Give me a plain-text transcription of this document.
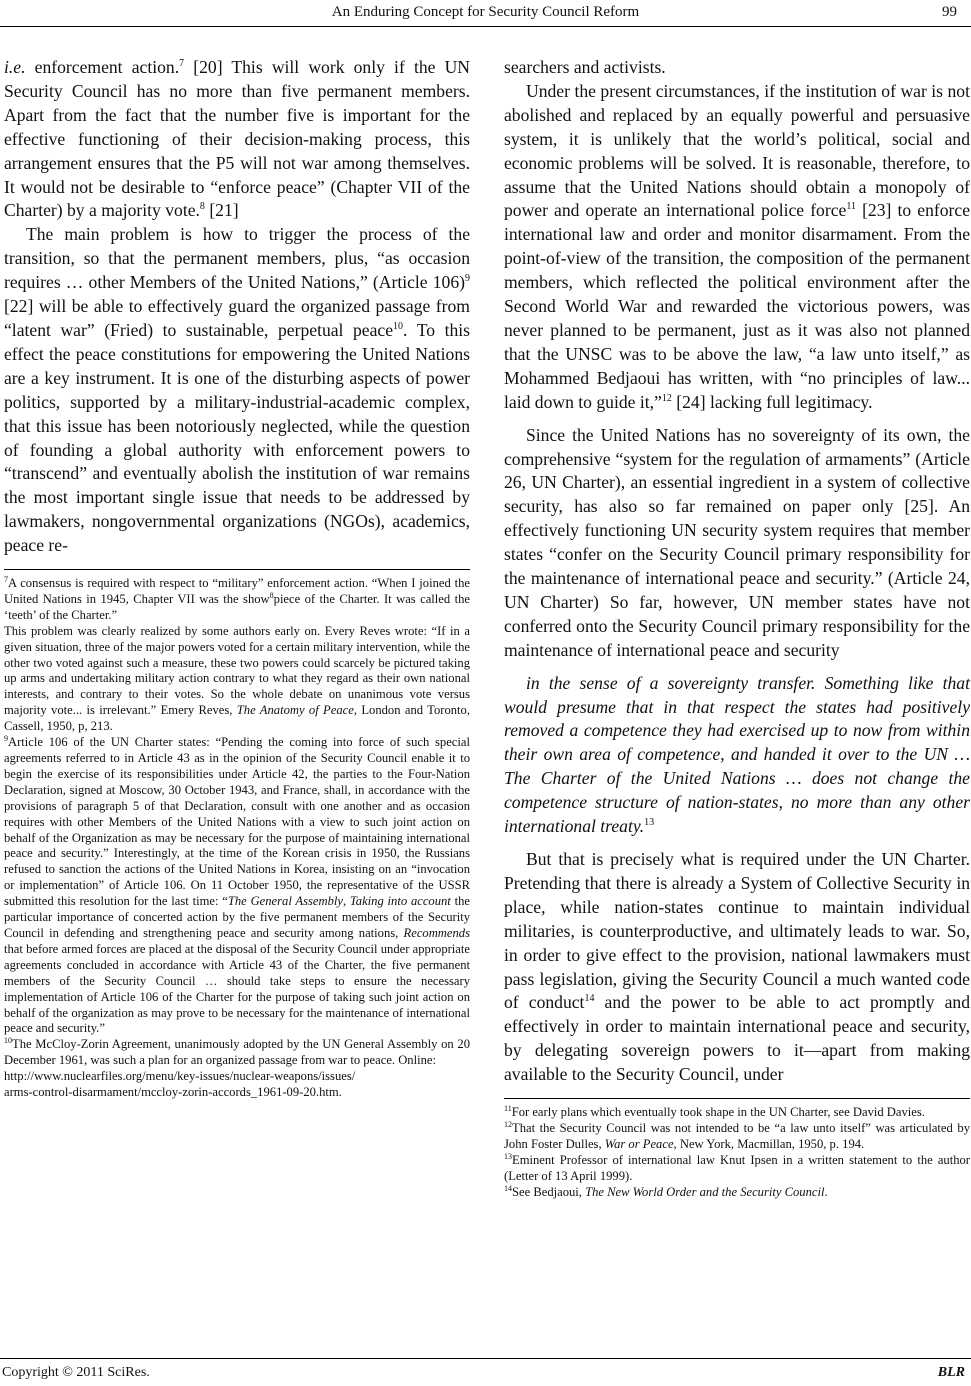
An Enduring Concept for Security Council Reform	99

i.e. enforcement action.$^7$ [20] This will work only if the UN Security Council has no more than five permanent members. Apart from the fact that the number five is important for the effective functioning of their decision-making process, this arrangement ensures that the P5 will not war among themselves. It would not be desirable to “enforce peace” (Chapter VII of the Charter) by a majority vote.$^8$ [21]

The main problem is how to trigger the process of the transition, so that the permanent members, plus, “as occasion requires … other Members of the United Nations,” (Article 106)$^9$ [22] will be able to effectively guard the organized passage from “latent war” (Fried) to sustainable, perpetual peace$^{10}$. To this effect the peace constitutions for empowering the United Nations are a key instrument. It is one of the disturbing aspects of power politics, supported by a military-industrial-academic complex, that this issue has been notoriously neglected, while the question of founding a global authority with enforcement powers to “transcend” and eventually abolish the institution of war remains the most important single issue that needs to be addressed by lawmakers, nongovernmental organizations (NGOs), academics, peace re-

$^7$A consensus is required with respect to “military” enforcement action. “When I joined the United Nations in 1945, Chapter VII was the show$^8$piece of the Charter. It was called the ‘teeth’ of the Charter.”

This problem was clearly realized by some authors early on. Every Reves wrote: “If in a given situation, three of the major powers voted for a certain military intervention, while the other two voted against such a measure, these two powers could scarcely be pictured taking up arms and undertaking military action contrary to what they regard as their own national interests, and contrary to their votes. So the whole debate on unanimous vote versus majority vote... is irrelevant.” Emery Reves, The Anatomy of Peace, London and Toronto, Cassell, 1950, p, 213.

$^9$Article 106 of the UN Charter states: “Pending the coming into force of such special agreements referred to in Article 43 as in the opinion of the Security Council enable it to begin the exercise of its responsibilities under Article 42, the parties to the Four-Nation Declaration, signed at Moscow, 30 October 1943, and France, shall, in accordance with the provisions of paragraph 5 of that Declaration, consult with one another and as occasion requires with other Members of the United Nations with a view to such joint action on behalf of the Organization as may be necessary for the purpose of maintaining international peace and security.” Interestingly, at the time of the Korean crisis in 1950, the Russians refused to sanction the actions of the United Nations in Korea, insisting on an “invocation or implementation” of Article 106. On 11 October 1950, the representative of the USSR submitted this resolution for the last time: “The General Assembly, Taking into account the particular importance of concerted action by the five permanent members of the Security Council in defending and strengthening peace and security among nations, Recommends that before armed forces are placed at the disposal of the Security Council under appropriate agreements concluded in accordance with Article 43 of the Charter, the five permanent members of the Security Council … should take steps to ensure the necessary implementation of Article 106 of the Charter for the purpose of taking such joint action on behalf of the organization as may prove to be necessary for the maintenance of international peace and security.”

$^{10}$The McCloy-Zorin Agreement, unanimously adopted by the UN General Assembly on 20 December 1961, was such a plan for an organized passage from war to peace. Online:

http://www.nuclearfiles.org/menu/key-issues/nuclear-weapons/issues/
arms-control-disarmament/mccloy-zorin-accords_1961-09-20.htm.

searchers and activists.

Under the present circumstances, if the institution of war is not abolished and replaced by an equally powerful and persuasive system, it is unlikely that the world’s political, social and economic problems will be solved. It is reasonable, therefore, to assume that the United Nations should obtain a monopoly of power and operate an international police force$^{11}$ [23] to enforce international law and order and monitor disarmament. From the point-of-view of the transition, the composition of the permanent members, which reflected the political environment after the Second World War and rewarded the victorious powers, was never planned to be permanent, just as it was also not planned that the UNSC was to be above the law, “a law unto itself,” as Mohammed Bedjaoui has written, with “no principles of law... laid down to guide it,”$^{12}$ [24] lacking full legitimacy.

Since the United Nations has no sovereignty of its own, the comprehensive “system for the regulation of armaments” (Article 26, UN Charter), an essential ingredient in a system of collective security, has also so far remained on paper only [25]. An effectively functioning UN security system requires that member states “confer on the Security Council primary responsibility for the maintenance of international peace and security.” (Article 24, UN Charter) So far, however, UN member states have not conferred onto the Security Council primary responsibility for the maintenance of international peace and security

in the sense of a sovereignty transfer. Something like that would presume that in that respect the states had positively removed a competence they had exercised up to now from within their own area of competence, and handed it over to the UN … The Charter of the United Nations … does not change the competence structure of nation-states, no more than any other international treaty.$^{13}$

But that is precisely what is required under the UN Charter. Pretending that there is already a System of Collective Security in place, while nation-states continue to maintain individual militaries, is counterproductive, and ultimately leads to war. So, in order to give effect to the provision, national lawmakers must pass legislation, giving the Security Council a much wanted code of conduct$^{14}$ and the power to be able to act promptly and effectively in order to maintain international peace and security, by delegating sovereign powers to it—apart from making available to the Security Council, under

$^{11}$For early plans which eventually took shape in the UN Charter, see David Davies.

$^{12}$That the Security Council was not intended to be “a law unto itself” was articulated by John Foster Dulles, War or Peace, New York, Macmillan, 1950, p. 194.

$^{13}$Eminent Professor of international law Knut Ipsen in a written statement to the author (Letter of 13 April 1999).

$^{14}$See Bedjaoui, The New World Order and the Security Council.

Copyright © 2011 SciRes.	BLR
